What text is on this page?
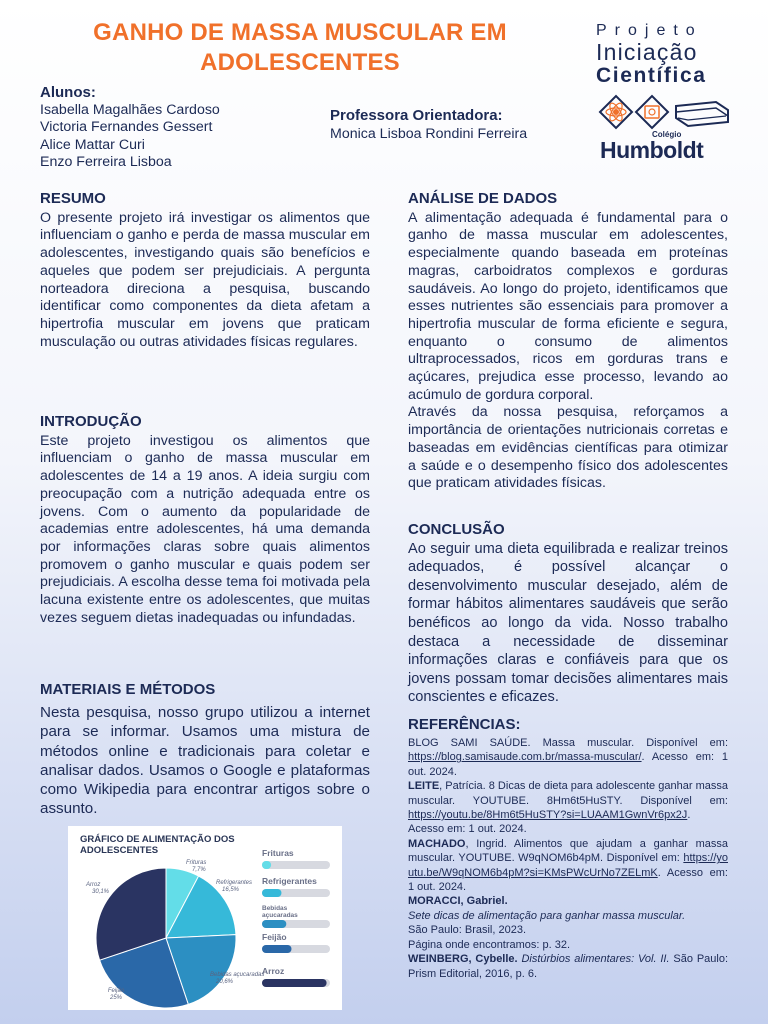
GANHO DE MASSA MUSCULAR EM ADOLESCENTES
Alunos:
Isabella Magalhães Cardoso
Victoria Fernandes Gessert
Alice Mattar Curi
Enzo Ferreira Lisboa
Professora Orientadora:
Monica Lisboa Rondini Ferreira
Projeto
Iniciação
Científica
Colégio
Humboldt
RESUMO

O presente projeto irá investigar os alimentos que influenciam o ganho e perda de massa muscular em adolescentes, investigando quais são benefícios e aqueles que podem ser prejudiciais. A pergunta norteadora direciona a pesquisa, buscando identificar como componentes da dieta afetam a hipertrofia muscular em jovens que praticam musculação ou outras atividades físicas regulares.

INTRODUÇÃO

Este projeto investigou os alimentos que influenciam o ganho de massa muscular em adolescentes de 14 a 19 anos. A ideia surgiu com preocupação com a nutrição adequada entre os jovens. Com o aumento da popularidade de academias entre adolescentes, há uma demanda por informações claras sobre quais alimentos promovem o ganho muscular e quais podem ser prejudiciais. A escolha desse tema foi motivada pela lacuna existente entre os adolescentes, que muitas vezes seguem dietas inadequadas ou infundadas.

MATERIAIS E MÉTODOS

Nesta pesquisa, nosso grupo utilizou a internet para se informar. Usamos uma mistura de métodos online e tradicionais para coletar e analisar dados. Usamos o Google e plataformas como Wikipedia para encontrar artigos sobre o assunto.

GRÁFICO DE ALIMENTAÇÃO DOS ADOLESCENTES
Frituras
7,7%
Refrigerantes
16,5%
Bebidas açucaradas
20,6%
Feijão
25%
Arroz
30,1%
Frituras
Refrigerantes
açucaradas
Bebidas
Feijão
Arroz
ANÁLISE DE DADOS

A alimentação adequada é fundamental para o ganho de massa muscular em adolescentes, especialmente quando baseada em proteínas magras, carboidratos complexos e gorduras saudáveis. Ao longo do projeto, identificamos que esses nutrientes são essenciais para promover a hipertrofia muscular de forma eficiente e segura, enquanto o consumo de alimentos ultraprocessados, ricos em gorduras trans e açúcares, prejudica esse processo, levando ao acúmulo de gordura corporal.

Através da nossa pesquisa, reforçamos a importância de orientações nutricionais corretas e baseadas em evidências científicas para otimizar a saúde e o desempenho físico dos adolescentes que praticam atividades físicas.

CONCLUSÃO

Ao seguir uma dieta equilibrada e realizar treinos adequados, é possível alcançar o desenvolvimento muscular desejado, além de formar hábitos alimentares saudáveis que serão benéficos ao longo da vida. Nosso trabalho destaca a necessidade de disseminar informações claras e confiáveis para que os jovens possam tomar decisões alimentares mais conscientes e eficazes.

REFERÊNCIAS:

BLOG SAMI SAÚDE. Massa muscular. Disponível em: https://blog.samisaude.com.br/massa-muscular/. Acesso em: 1 out. 2024.

LEITE, Patrícia. 8 Dicas de dieta para adolescente ganhar massa muscular. YOUTUBE. 8Hm6t5HuSTY. Disponível em: https://youtu.be/8Hm6t5HuSTY?si=LUAAM1GwnVr6px2J. Acesso em: 1 out. 2024.

MACHADO, Ingrid. Alimentos que ajudam a ganhar massa muscular. YOUTUBE. W9qNOM6b4pM. Disponível em: https://youtu.be/W9qNOM6b4pM?si=KMsPWcUrNo7ZELmK. Acesso em: 1 out. 2024.

MORACCI, Gabriel.
Sete dicas de alimentação para ganhar massa muscular.
São Paulo: Brasil, 2023.
Página onde encontramos: p. 32.

WEINBERG, Cybelle. Distúrbios alimentares: Vol. II. São Paulo: Prism Editorial, 2016, p. 6.
